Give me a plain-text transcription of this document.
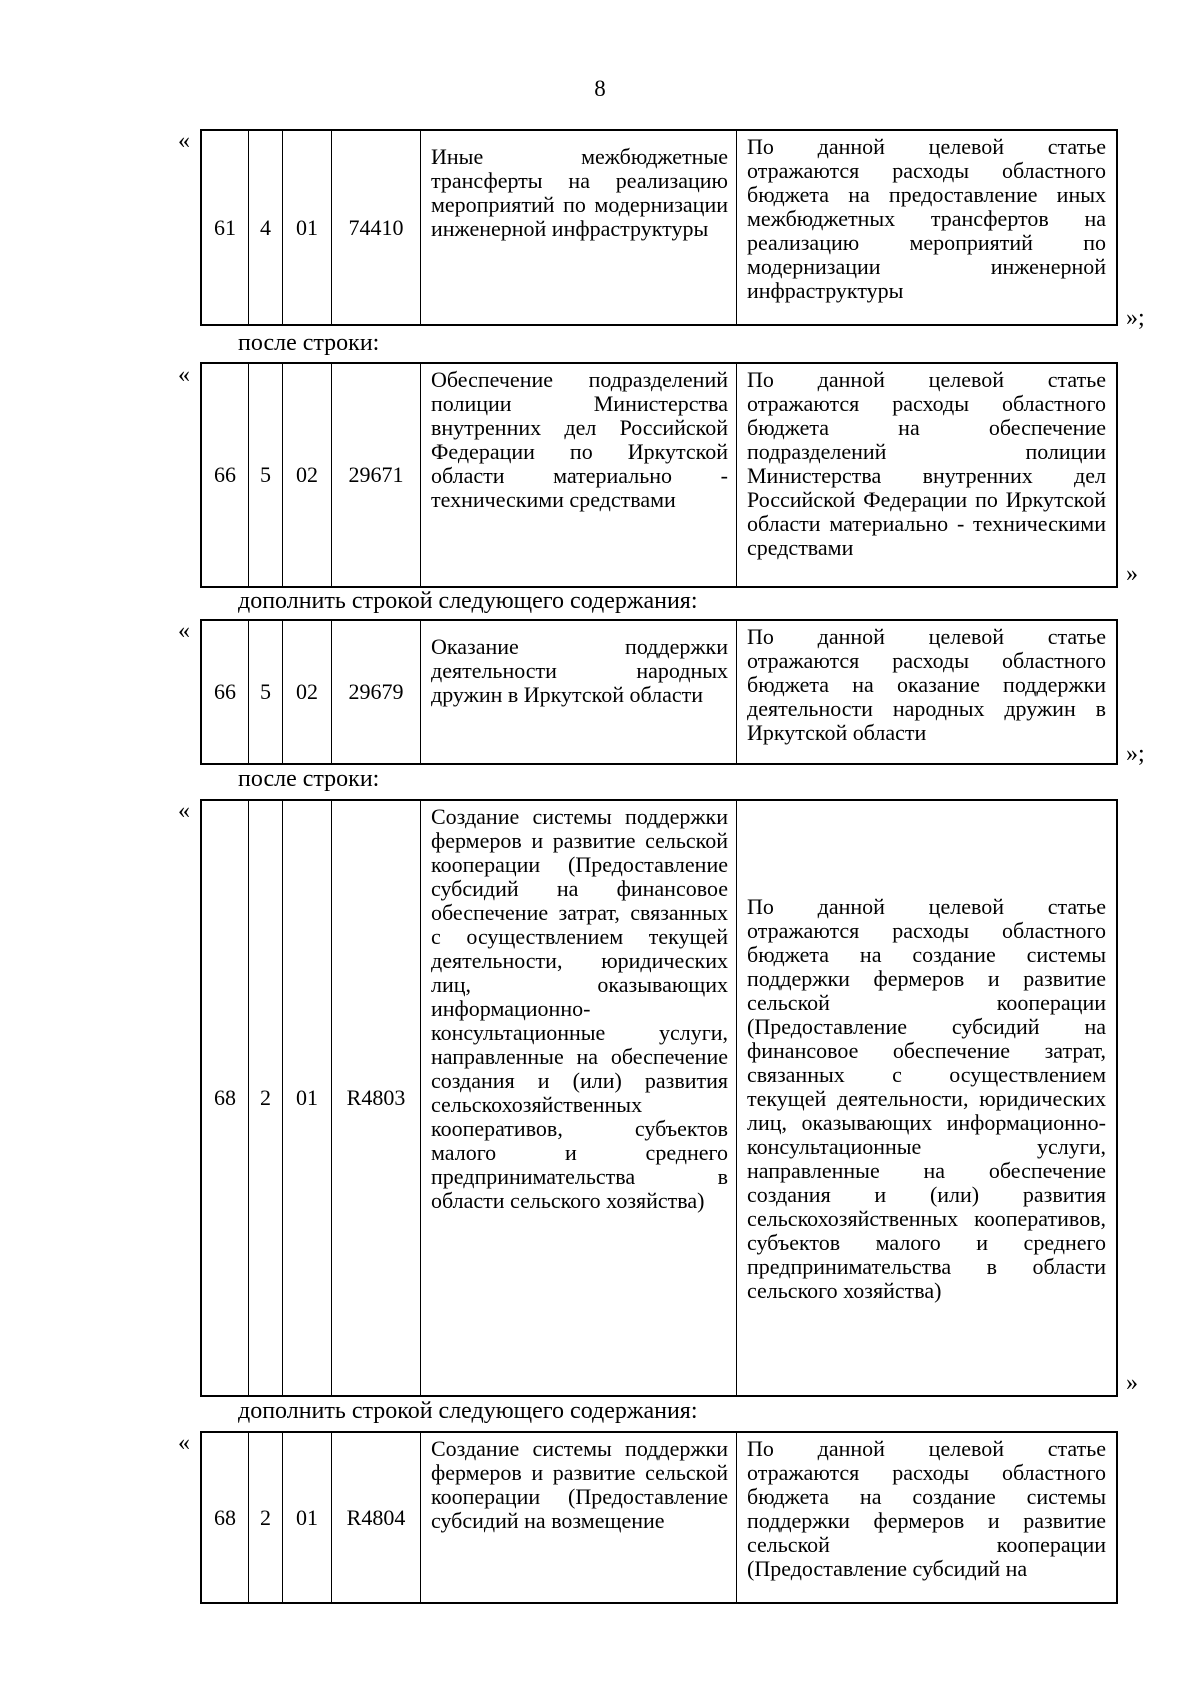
8
«
61	4	01	74410	Иные межбюджетные трансферты на реализацию мероприятий по модернизации инженерной инфраструктуры	По данной целевой статье отражаются расходы областного бюджета на предоставление иных межбюджетных трансфертов на реализацию мероприятий по модернизации инженерной инфраструктуры
»;
после строки:
«
66	5	02	29671	Обеспечение подразделений полиции Министерства внутренних дел Российской Федерации по Иркутской области материально - техническими средствами	По данной целевой статье отражаются расходы областного бюджета на обеспечение подразделений полиции Министерства внутренних дел Российской Федерации по Иркутской области материально - техническими средствами
»
дополнить строкой следующего содержания:
«
66	5	02	29679	Оказание поддержки деятельности народных дружин в Иркутской области	По данной целевой статье отражаются расходы областного бюджета на оказание поддержки деятельности народных дружин в Иркутской области
»;
после строки:
«
68	2	01	R4803	Создание системы поддержки фермеров и развитие сельской кооперации (Предоставление субсидий на финансовое обеспечение затрат, связанных с осуществлением текущей деятельности, юридических лиц, оказывающих информационно-консультационные услуги, направленные на обеспечение создания и (или) развития сельскохозяйственных кооперативов, субъектов малого и среднего предпринимательства в области сельского хозяйства)	По данной целевой статье отражаются расходы областного бюджета на создание системы поддержки фермеров и развитие сельской кооперации (Предоставление субсидий на финансовое обеспечение затрат, связанных с осуществлением текущей деятельности, юридических лиц, оказывающих информационно-консультационные услуги, направленные на обеспечение создания и (или) развития сельскохозяйственных кооперативов, субъектов малого и среднего предпринимательства в области сельского хозяйства)
»
дополнить строкой следующего содержания:
«
68	2	01	R4804	Создание системы поддержки фермеров и развитие сельской кооперации (Предоставление субсидий на возмещение	По данной целевой статье отражаются расходы областного бюджета на создание системы поддержки фермеров и развитие сельской кооперации (Предоставление субсидий на
